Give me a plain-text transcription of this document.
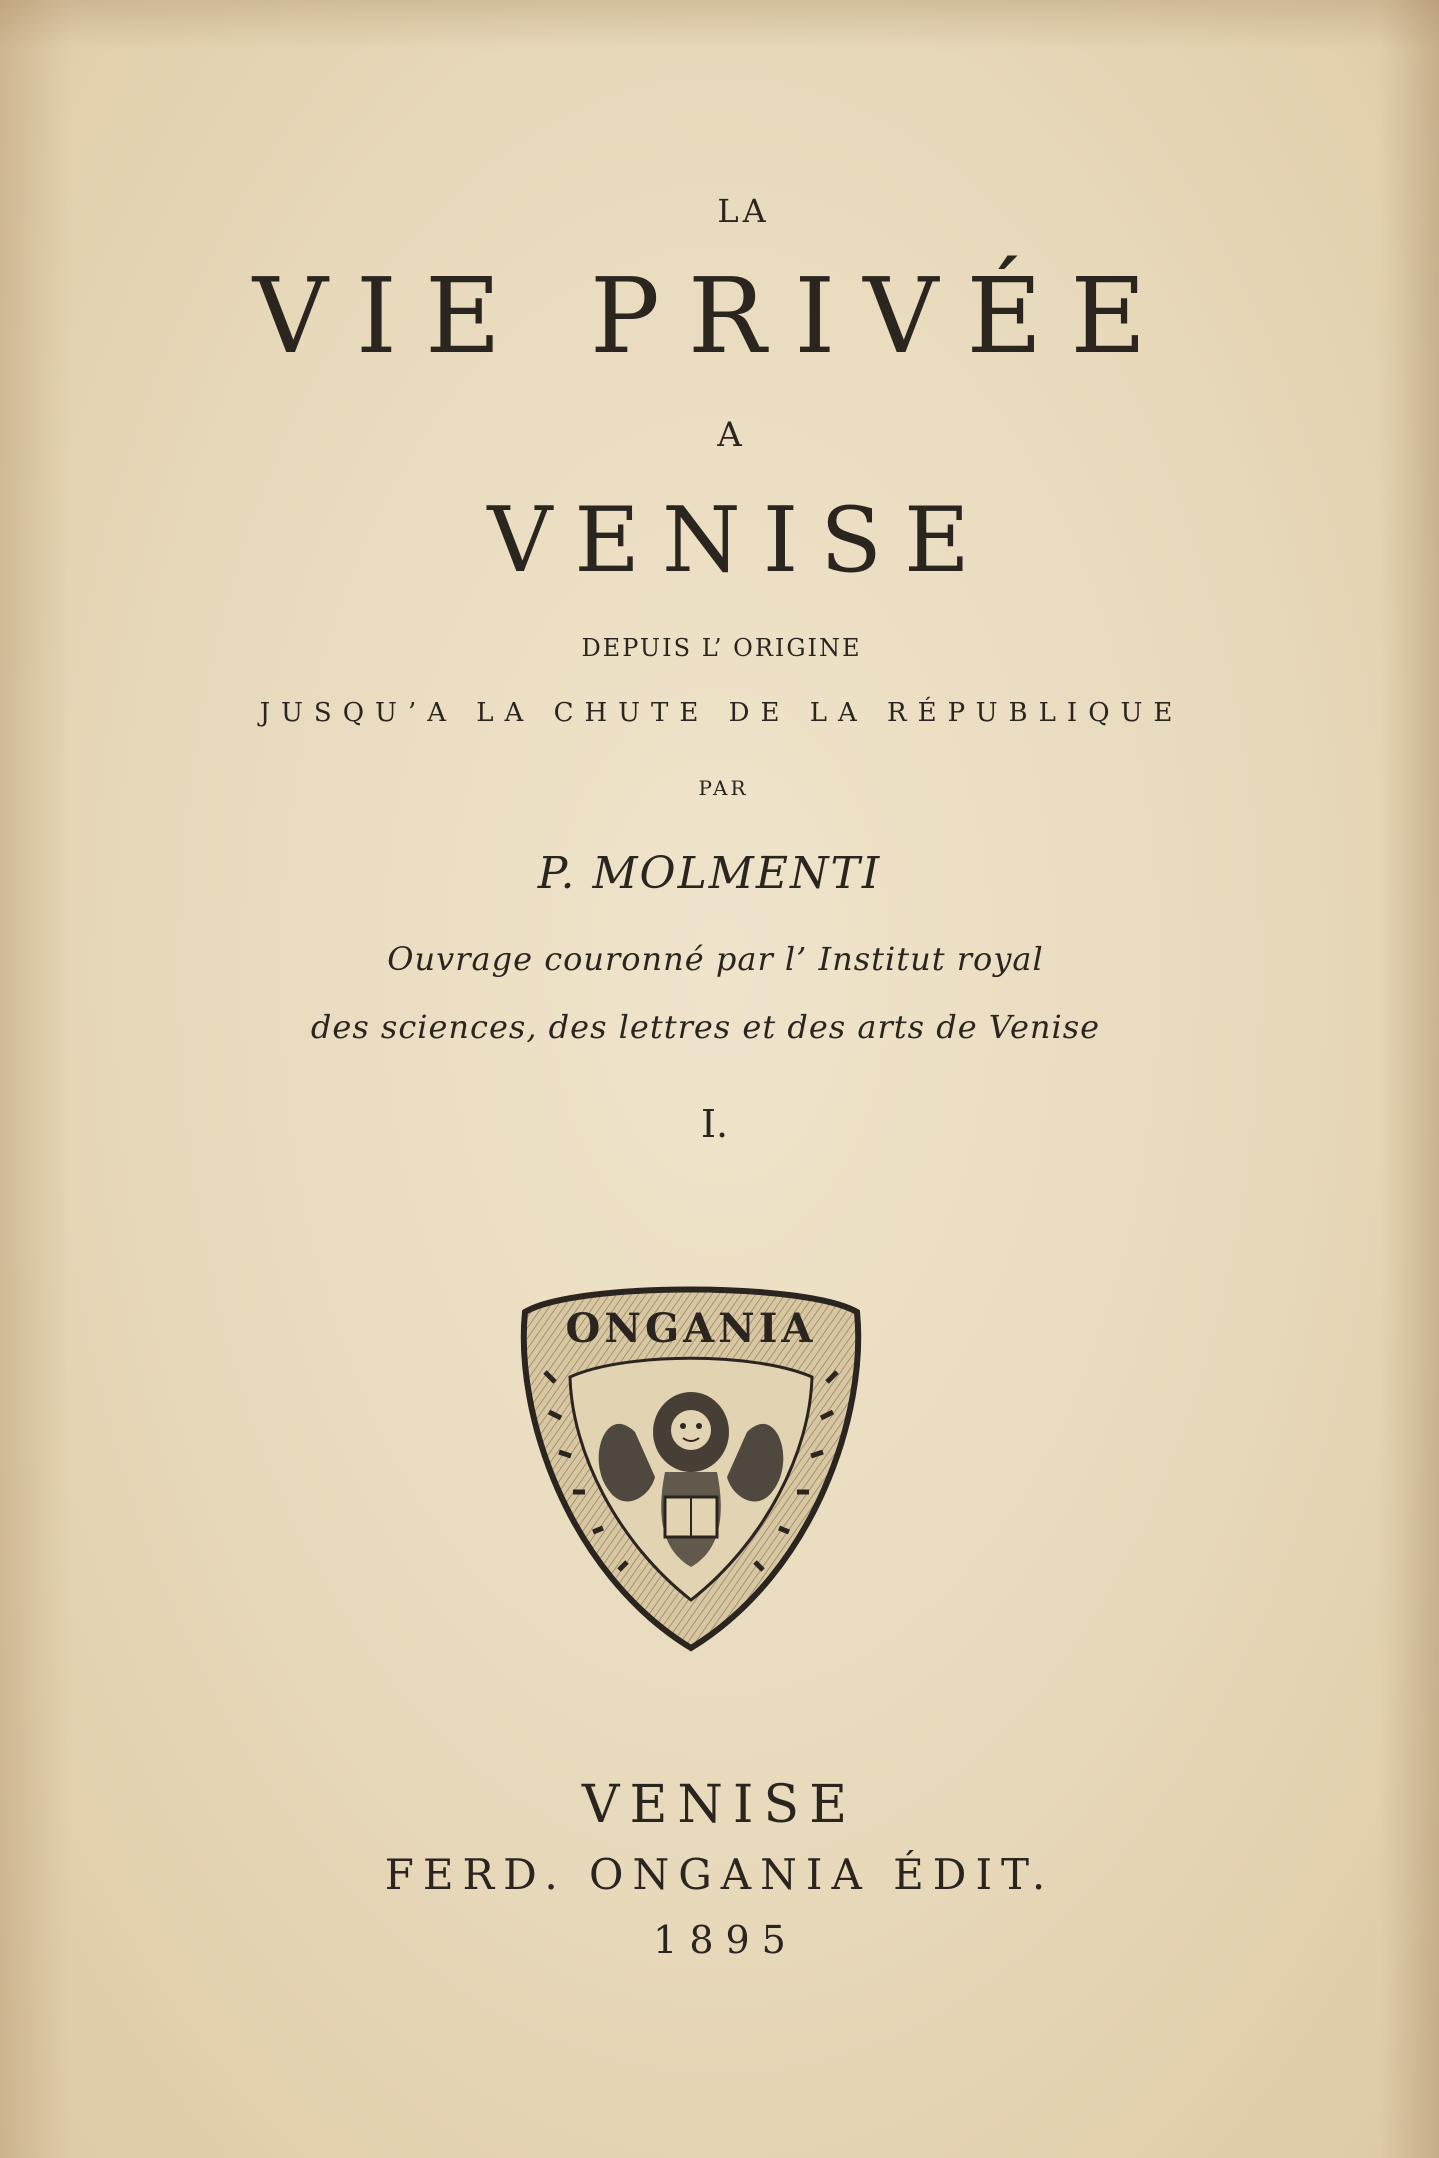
LA
VIE PRIVÉE
A
VENISE
DEPUIS L’ ORIGINE
JUSQU’A LA CHUTE DE LA RÉPUBLIQUE
PAR
P. MOLMENTI
Ouvrage couronné par l’ Institut royal
des sciences, des lettres et des arts de Venise
I.
ONGANIA
VENISE
FERD. ONGANIA ÉDIT.
1895
